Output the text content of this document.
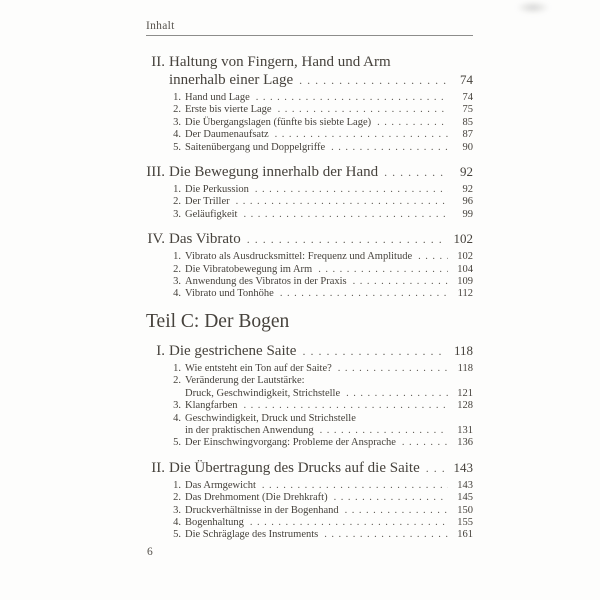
Inhalt
II. Haltung von Fingern, Hand und Arm
innerhalb einer Lage .....	74
1. Hand und Lage .....	74
2. Erste bis vierte Lage .....	75
3. Die Übergangslagen (fünfte bis siebte Lage) .....	85
4. Der Daumenaufsatz .....	87
5. Saitenübergang und Doppelgriffe .....	90
III. Die Bewegung innerhalb der Hand .....	92
1. Die Perkussion .....	92
2. Der Triller .....	96
3. Geläufigkeit .....	99
IV. Das Vibrato .....	102
1. Vibrato als Ausdrucksmittel: Frequenz und Amplitude .....	102
2. Die Vibratobewegung im Arm .....	104
3. Anwendung des Vibratos in der Praxis .....	109
4. Vibrato und Tonhöhe .....	112
Teil C: Der Bogen
I. Die gestrichene Saite .....	118
1. Wie entsteht ein Ton auf der Saite? .....	118
2. Veränderung der Lautstärke:
Druck, Geschwindigkeit, Strichstelle .....	121
3. Klangfarben .....	128
4. Geschwindigkeit, Druck und Strichstelle
in der praktischen Anwendung .....	131
5. Der Einschwingvorgang: Probleme der Ansprache .....	136
II. Die Übertragung des Drucks auf die Saite .....	143
1. Das Armgewicht .....	143
2. Das Drehmoment (Die Drehkraft) .....	145
3. Druckverhältnisse in der Bogenhand .....	150
4. Bogenhaltung .....	155
5. Die Schräglage des Instruments .....	161
6
